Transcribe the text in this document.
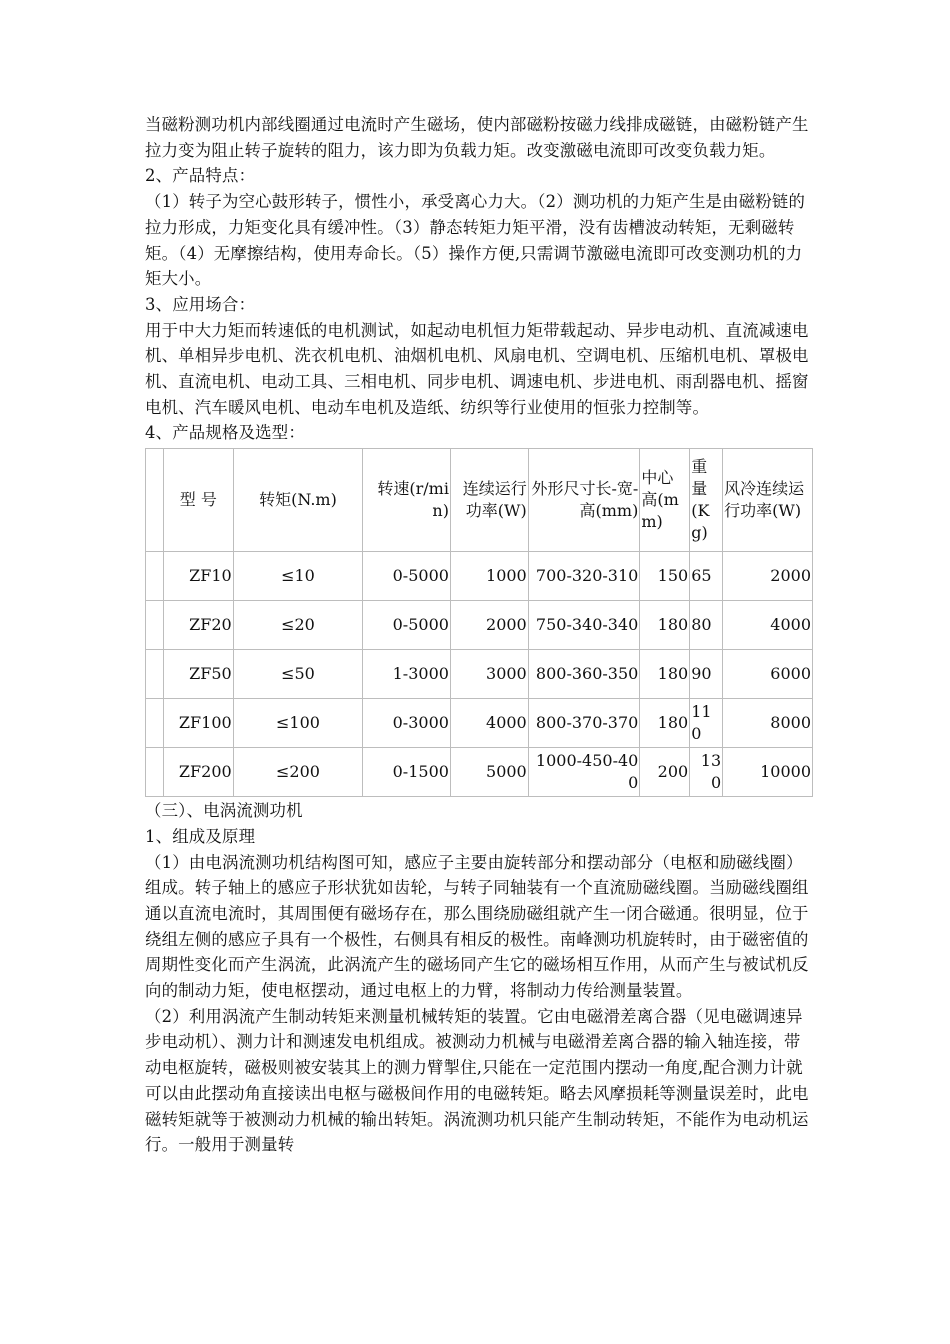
当磁粉测功机内部线圈通过电流时产生磁场，使内部磁粉按磁力线排成磁链，由磁粉链产生拉力变为阻止转子旋转的阻力，该力即为负载力矩。改变激磁电流即可改变负载力矩。

2、产品特点：

（1）转子为空心鼓形转子，惯性小，承受离心力大。（2）测功机的力矩产生是由磁粉链的拉力形成，力矩变化具有缓冲性。（3）静态转矩力矩平滑，没有齿槽波动转矩，无剩磁转矩。（4）无摩擦结构，使用寿命长。（5）操作方便,只需调节激磁电流即可改变测功机的力矩大小。

3、应用场合：

用于中大力矩而转速低的电机测试，如起动电机恒力矩带载起动、异步电动机、直流减速电机、单相异步电机、洗衣机电机、油烟机电机、风扇电机、空调电机、压缩机电机、罩极电机、直流电机、电动工具、三相电机、同步电机、调速电机、步进电机、雨刮器电机、摇窗电机、汽车暖风电机、电动车电机及造纸、纺织等行业使用的恒张力控制等。

4、产品规格及选型：

	型 号	转矩(N.m)	转速(r/min)	连续运行功率(W)	外形尺寸长-宽-高(mm)	中心高(mm)	重量(Kg)	风冷连续运行功率(W)

	ZF10	≤10	0-5000	1000	700-320-310	150	65	2000

	ZF20	≤20	0-5000	2000	750-340-340	180	80	4000

	ZF50	≤50	1-3000	3000	800-360-350	180	90	6000

	ZF100	≤100	0-3000	4000	800-370-370	180	110	8000

	ZF200	≤200	0-1500	5000	1000-450-400	200	130	10000

（三）、电涡流测功机

1、组成及原理

（1）由电涡流测功机结构图可知，感应子主要由旋转部分和摆动部分（电枢和励磁线圈）组成。转子轴上的感应子形状犹如齿轮，与转子同轴装有一个直流励磁线圈。当励磁线圈组通以直流电流时，其周围便有磁场存在，那么围绕励磁组就产生一闭合磁通。很明显，位于绕组左侧的感应子具有一个极性，右侧具有相反的极性。南峰测功机旋转时，由于磁密值的周期性变化而产生涡流，此涡流产生的磁场同产生它的磁场相互作用，从而产生与被试机反向的制动力矩，使电枢摆动，通过电枢上的力臂，将制动力传给测量装置。

（2）利用涡流产生制动转矩来测量机械转矩的装置。它由电磁滑差离合器（见电磁调速异步电动机）、测力计和测速发电机组成。被测动力机械与电磁滑差离合器的输入轴连接，带动电枢旋转，磁极则被安装其上的测力臂掣住,只能在一定范围内摆动一角度,配合测力计就可以由此摆动角直接读出电枢与磁极间作用的电磁转矩。略去风摩损耗等测量误差时，此电磁转矩就等于被测动力机械的输出转矩。涡流测功机只能产生制动转矩，不能作为电动机运行。一般用于测量转
